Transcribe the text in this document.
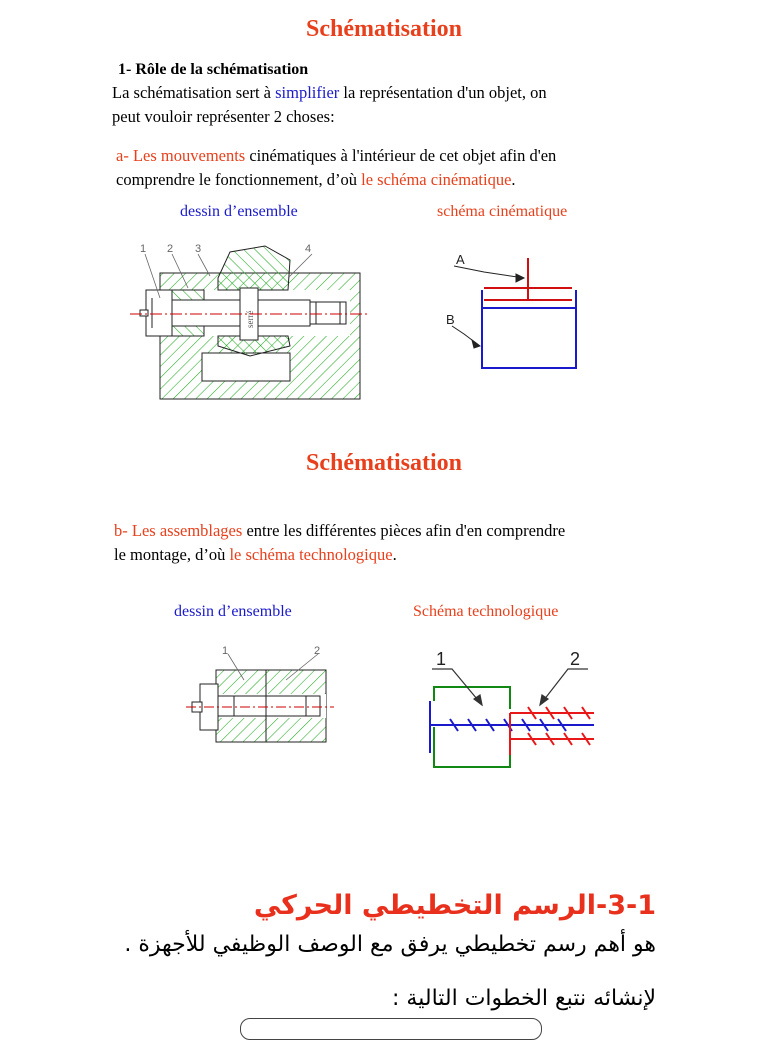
Schématisation
1- Rôle de la schématisation
La schématisation sert à simplifier la représentation d'un objet, on
peut vouloir représenter 2 choses:
a- Les mouvements cinématiques à l'intérieur de cet objet afin d'en
comprendre le fonctionnement, d’où le schéma cinématique.
dessin d’ensemble	schéma cinématique
serré
1 2 3	4
A
B
Schématisation
b- Les assemblages entre les différentes pièces afin d'en comprendre
le montage, d’où le schéma technologique.
dessin d’ensemble	Schéma technologique
1	2	1	2
3-1-الرسم التخطيطي الحركي
هو أهم رسم تخطيطي يرفق مع الوصف الوظيفي للأجهزة .
لإنشائه نتبع الخطوات التالية :
